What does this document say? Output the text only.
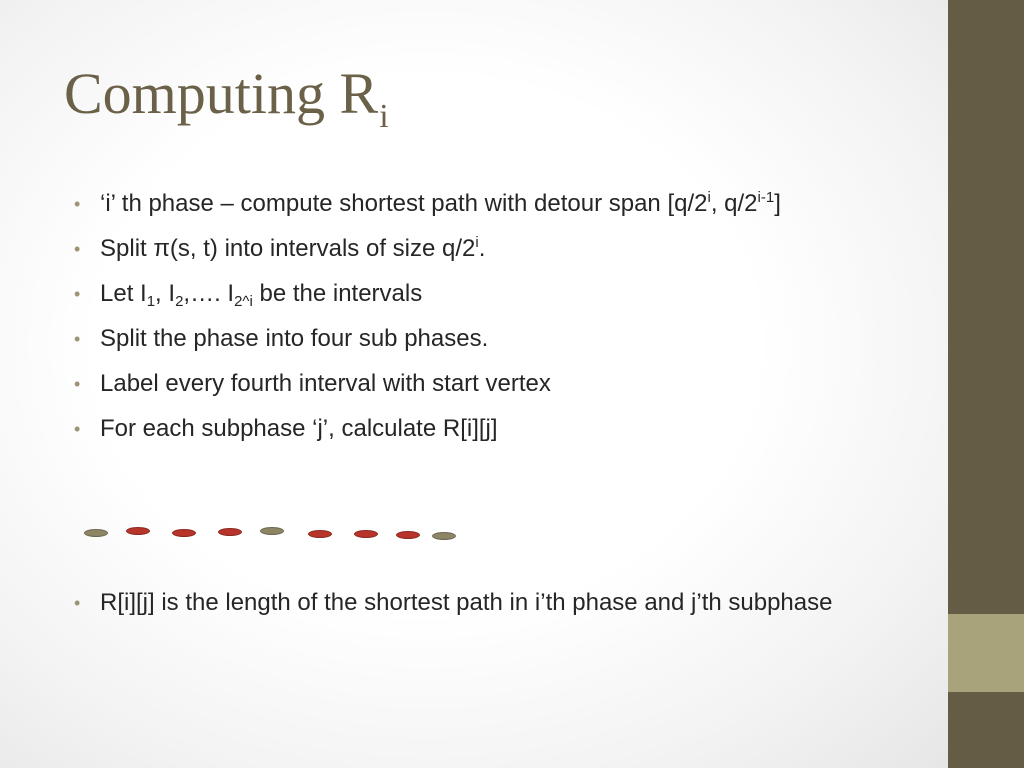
Computing $R_i$
• ‘i’ th phase – compute shortest path with detour span [q/2$^i$, q/2$^{i-1}$]
• Split π(s, t) into intervals of size q/2$^i$.
• Let $I_1$, $I_2,\dots$. $I_{2\^{}i}$ be the intervals
• Split the phase into four sub phases.
• Label every fourth interval with start vertex
• For each subphase ‘j’, calculate R[i][j]
• R[i][j] is the length of the shortest path in i’th phase and j’th subphase
